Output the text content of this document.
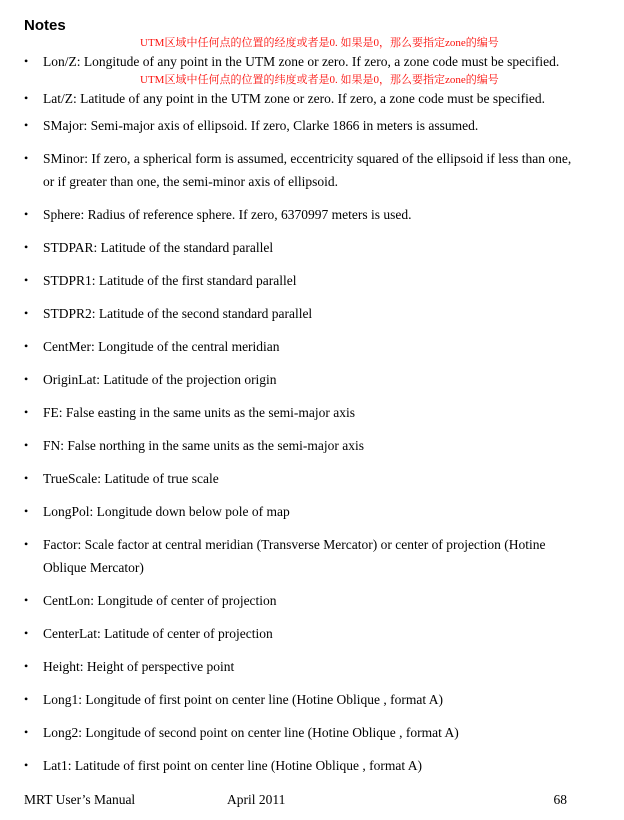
Notes
UTM区域中任何点的位置的经度或者是0. 如果是0，那么要指定zone的编号
•	Lon/Z: Longitude of any point in the UTM zone or zero. If zero, a zone code must be specified.
UTM区域中任何点的位置的纬度或者是0. 如果是0，那么要指定zone的编号
•	Lat/Z: Latitude of any point in the UTM zone or zero. If zero, a zone code must be specified.
•	SMajor: Semi-major axis of ellipsoid. If zero, Clarke 1866 in meters is assumed.
•	SMinor: If zero, a spherical form is assumed, eccentricity squared of the ellipsoid if less than one, or if greater than one, the semi-minor axis of ellipsoid.
•	Sphere: Radius of reference sphere. If zero, 6370997 meters is used.
•	STDPAR: Latitude of the standard parallel
•	STDPR1: Latitude of the first standard parallel
•	STDPR2: Latitude of the second standard parallel
•	CentMer: Longitude of the central meridian
•	OriginLat: Latitude of the projection origin
•	FE: False easting in the same units as the semi-major axis
•	FN: False northing in the same units as the semi-major axis
•	TrueScale: Latitude of true scale
•	LongPol: Longitude down below pole of map
•	Factor: Scale factor at central meridian (Transverse Mercator) or center of projection (Hotine Oblique Mercator)
•	CentLon: Longitude of center of projection
•	CenterLat: Latitude of center of projection
•	Height: Height of perspective point
•	Long1: Longitude of first point on center line (Hotine Oblique , format A)
•	Long2: Longitude of second point on center line (Hotine Oblique , format A)
•	Lat1: Latitude of first point on center line (Hotine Oblique , format A)
MRT User’s Manual	April 2011	68
